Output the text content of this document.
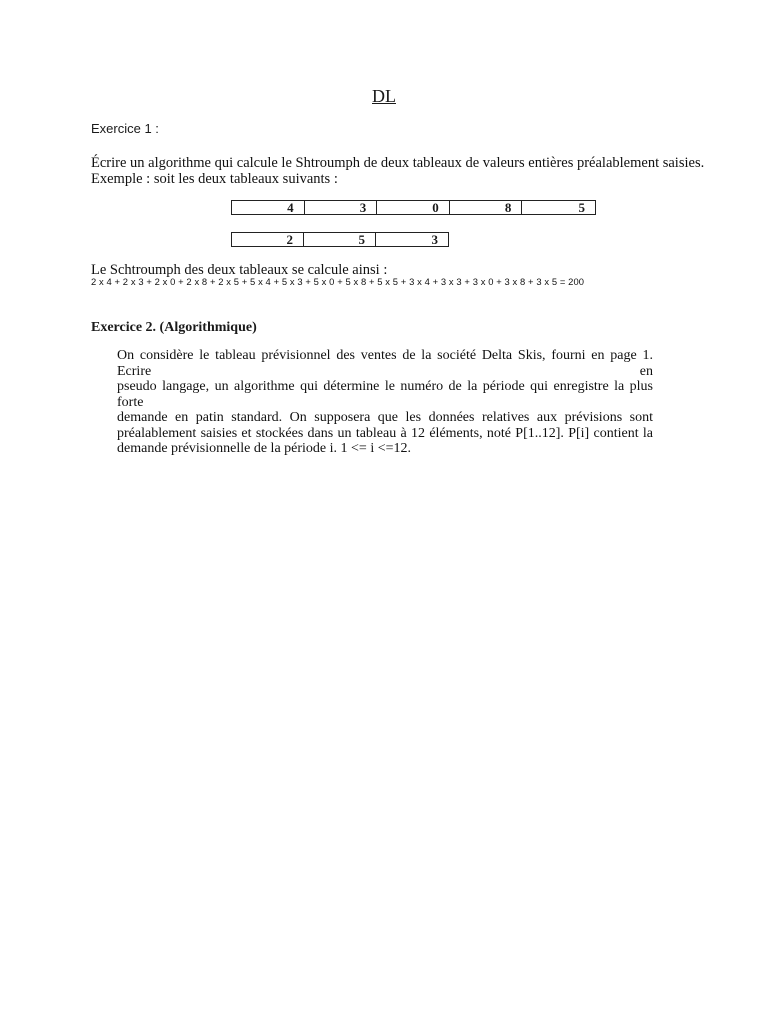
DL
Exercice 1 :
Écrire un algorithme qui calcule le Shtroumph de deux tableaux de valeurs entières préalablement saisies.
Exemple : soit les deux tableaux suivants :
4	3	0	8	5
2	5	3
Le Schtroumph des deux tableaux se calcule ainsi :
2 x 4 + 2 x 3 + 2 x 0 + 2 x 8 + 2 x 5 + 5 x 4 + 5 x 3 + 5 x 0 + 5 x 8 + 5 x 5 + 3 x 4 + 3 x 3 + 3 x 0 + 3 x 8 + 3 x 5 = 200
Exercice 2. (Algorithmique)
On considère le tableau prévisionnel des ventes de la société Delta Skis, fourni en page 1. Ecrire en
pseudo langage, un algorithme qui détermine le numéro de la période qui enregistre la plus forte
demande en patin standard. On supposera que les données relatives aux prévisions sont
préalablement saisies et stockées dans un tableau à 12 éléments, noté P[1..12]. P[i] contient la
demande prévisionnelle de la période i. 1 <= i <=12.
